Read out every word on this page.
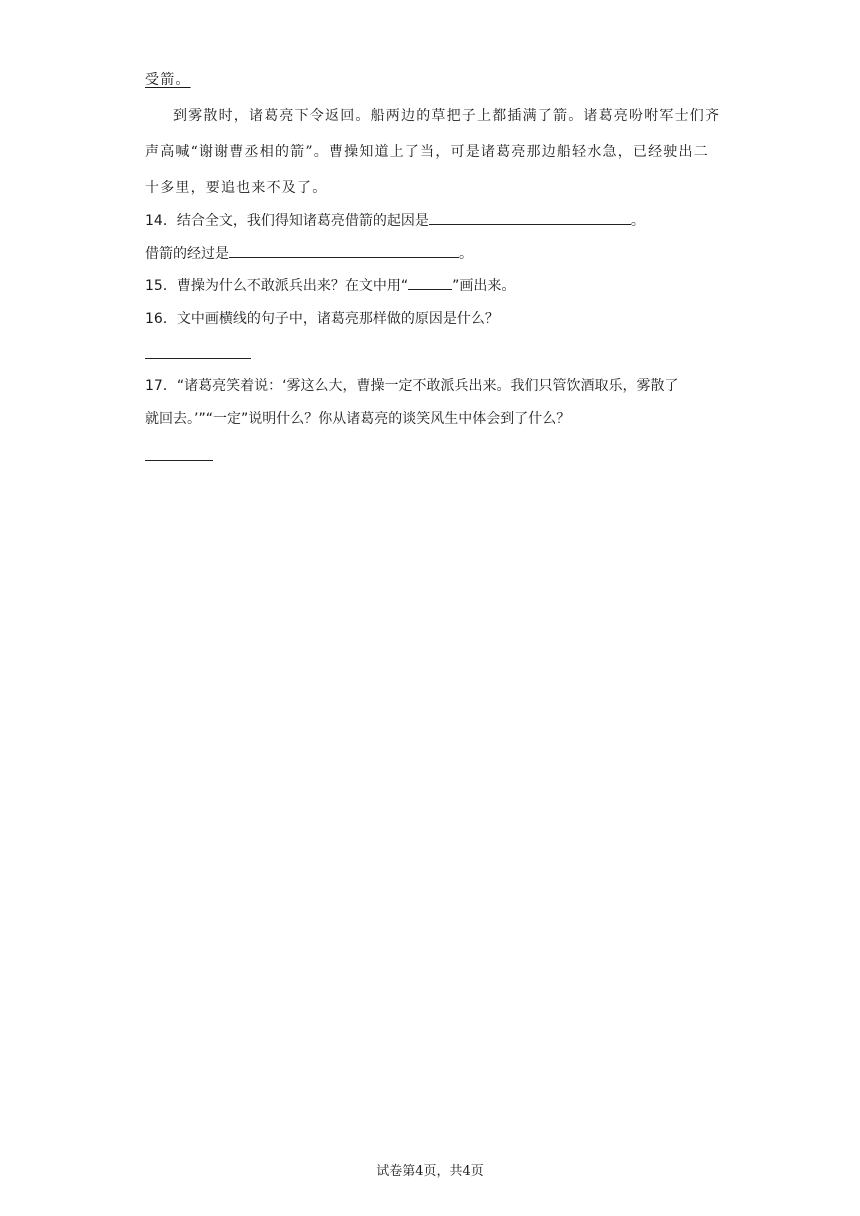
受箭。
到雾散时，诸葛亮下令返回。船两边的草把子上都插满了箭。诸葛亮吩咐军士们齐
声高喊“谢谢曹丞相的箭”。曹操知道上了当，可是诸葛亮那边船轻水急，已经驶出二
十多里，要追也来不及了。
14．结合全文，我们得知诸葛亮借箭的起因是	。
借箭的经过是	。
15．曹操为什么不敢派兵出来？在文中用“	”画出来。
16．文中画横线的句子中，诸葛亮那样做的原因是什么？
17．“诸葛亮笑着说：‘雾这么大，曹操一定不敢派兵出来。我们只管饮酒取乐，雾散了
就回去。’”“一定”说明什么？你从诸葛亮的谈笑风生中体会到了什么？
试卷第4页，共4页
